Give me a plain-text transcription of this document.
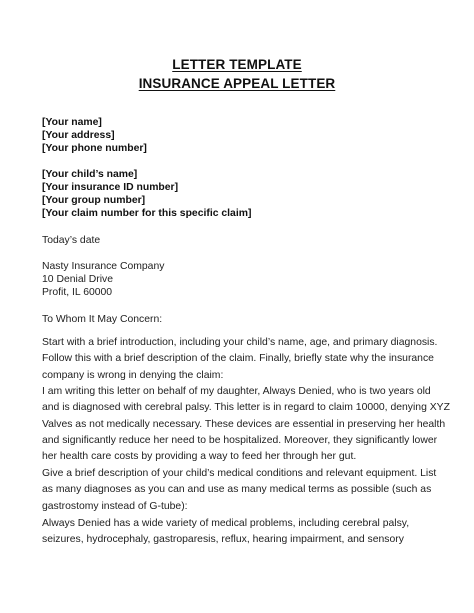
LETTER TEMPLATE
INSURANCE APPEAL LETTER
[Your name]
[Your address]
[Your phone number]
[Your child’s name]
[Your insurance ID number]
[Your group number]
[Your claim number for this specific claim]
Today’s date
Nasty Insurance Company
10 Denial Drive
Profit, IL 60000
To Whom It May Concern:
Start with a brief introduction, including your child’s name, age, and primary diagnosis.
Follow this with a brief description of the claim. Finally, briefly state why the insurance
company is wrong in denying the claim:
I am writing this letter on behalf of my daughter, Always Denied, who is two years old
and is diagnosed with cerebral palsy. This letter is in regard to claim 10000, denying XYZ
Valves as not medically necessary. These devices are essential in preserving her health
and significantly reduce her need to be hospitalized. Moreover, they significantly lower
her health care costs by providing a way to feed her through her gut.
Give a brief description of your child’s medical conditions and relevant equipment. List
as many diagnoses as you can and use as many medical terms as possible (such as
gastrostomy instead of G-tube):
Always Denied has a wide variety of medical problems, including cerebral palsy,
seizures, hydrocephaly, gastroparesis, reflux, hearing impairment, and sensory
